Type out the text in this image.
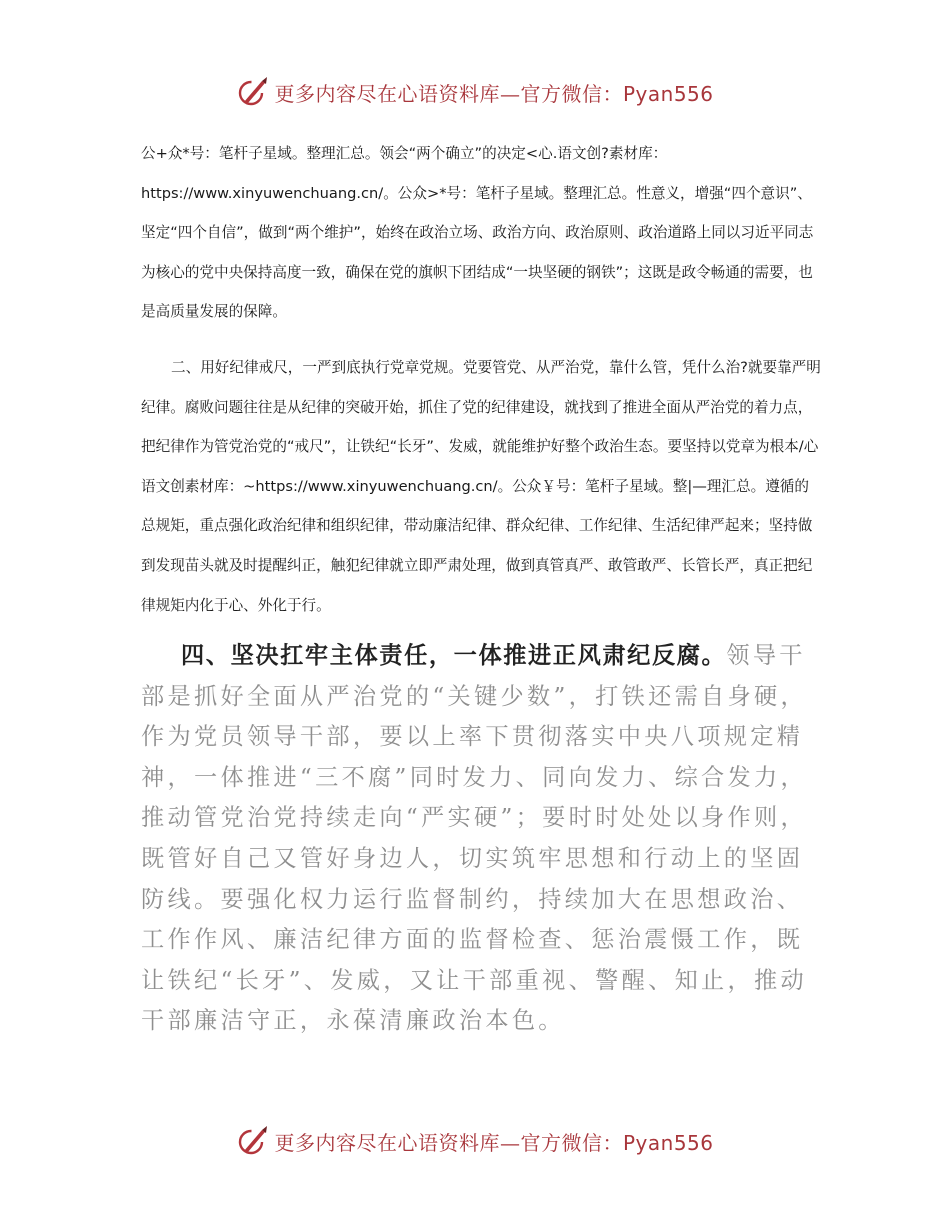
更多内容尽在心语资料库—官方微信：Pyan556

公+众*号：笔杆子星域。整理汇总。领会“两个确立”的决定<心.语文创?素材库：https://www.xinyuwenchuang.cn/。公众>*号：笔杆子星域。整理汇总。性意义，增强“四个意识”、坚定“四个自信”，做到“两个维护”，始终在政治立场、政治方向、政治原则、政治道路上同以习近平同志为核心的党中央保持高度一致，确保在党的旗帜下团结成“一块坚硬的钢铁”；这既是政令畅通的需要，也是高质量发展的保障。

二、用好纪律戒尺，一严到底执行党章党规。党要管党、从严治党，靠什么管，凭什么治?就要靠严明纪律。腐败问题往往是从纪律的突破开始，抓住了党的纪律建设，就找到了推进全面从严治党的着力点，把纪律作为管党治党的“戒尺”，让铁纪“长牙”、发威，就能维护好整个政治生态。要坚持以党章为根本/心语文创素材库：~https://www.xinyuwenchuang.cn/。公众￥号：笔杆子星域。整|—理汇总。遵循的总规矩，重点强化政治纪律和组织纪律，带动廉洁纪律、群众纪律、工作纪律、生活纪律严起来；坚持做到发现苗头就及时提醒纠正，触犯纪律就立即严肃处理，做到真管真严、敢管敢严、长管长严，真正把纪律规矩内化于心、外化于行。

四、坚决扛牢主体责任，一体推进正风肃纪反腐。领导干部是抓好全面从严治党的“关键少数”，打铁还需自身硬，作为党员领导干部，要以上率下贯彻落实中央八项规定精神，一体推进“三不腐”同时发力、同向发力、综合发力，推动管党治党持续走向“严实硬”；要时时处处以身作则，既管好自己又管好身边人，切实筑牢思想和行动上的坚固防线。要强化权力运行监督制约，持续加大在思想政治、工作作风、廉洁纪律方面的监督检查、惩治震慑工作，既让铁纪“长牙”、发威，又让干部重视、警醒、知止，推动干部廉洁守正，永葆清廉政治本色。

更多内容尽在心语资料库—官方微信：Pyan556
